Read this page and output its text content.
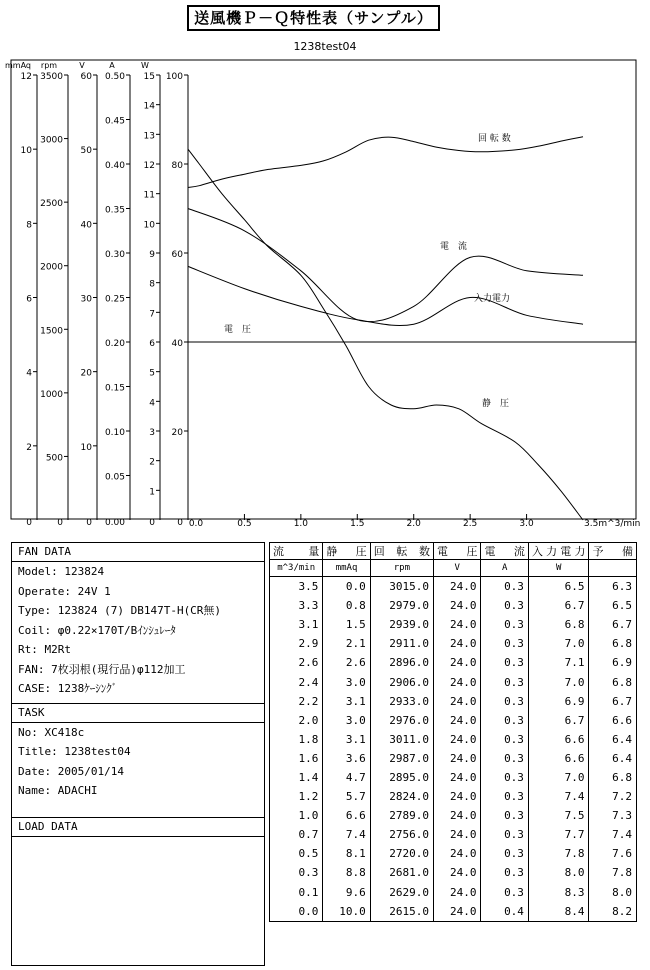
送風機Ｐ－Ｑ特性表（サンプル）
1238test04
mmAq
12
10
8
6
4
2
0
rpm
3500
3000
2500
2000
1500
1000
500
0
V
60
50
40
30
20
10
0
A
0.50
0.45
0.40
0.35
0.30
0.25
0.20
0.15
0.10
0.05
0.00
W
15
14
13
12
11
10
9
8
7
6
5
4
3
2
1
0
100
80
60
40
20
0 0.0	0.5	1.0	1.5	2.0	2.5	3.0	3.5m^3/min
回 転 数
電　流
入力電力
電　圧
静　圧
FAN DATA
Model: 123824
Operate: 24V 1
Type: 123824 (7) DB147T-H(CR無)
Coil: φ0.22×170T/Bｲﾝｼｭﾚｰﾀ
Rt: M2Rt
FAN: 7枚羽根(現行品)φ112加工
CASE: 1238ｹｰｼﾝｸﾞ
TASK
No: XC418c
Title: 1238test04
Date: 2005/01/14
Name: ADACHI
LOAD DATA
流　量	静　圧	回 転 数	電　圧	電　流	入力電力	予　備
m^3/min	mmAq	rpm	V	A	W	
3.5	0.0	3015.0	24.0	0.3	6.5	6.3
3.3	0.8	2979.0	24.0	0.3	6.7	6.5
3.1	1.5	2939.0	24.0	0.3	6.8	6.7
2.9	2.1	2911.0	24.0	0.3	7.0	6.8
2.6	2.6	2896.0	24.0	0.3	7.1	6.9
2.4	3.0	2906.0	24.0	0.3	7.0	6.8
2.2	3.1	2933.0	24.0	0.3	6.9	6.7
2.0	3.0	2976.0	24.0	0.3	6.7	6.6
1.8	3.1	3011.0	24.0	0.3	6.6	6.4
1.6	3.6	2987.0	24.0	0.3	6.6	6.4
1.4	4.7	2895.0	24.0	0.3	7.0	6.8
1.2	5.7	2824.0	24.0	0.3	7.4	7.2
1.0	6.6	2789.0	24.0	0.3	7.5	7.3
0.7	7.4	2756.0	24.0	0.3	7.7	7.4
0.5	8.1	2720.0	24.0	0.3	7.8	7.6
0.3	8.8	2681.0	24.0	0.3	8.0	7.8
0.1	9.6	2629.0	24.0	0.3	8.3	8.0
0.0	10.0	2615.0	24.0	0.4	8.4	8.2
